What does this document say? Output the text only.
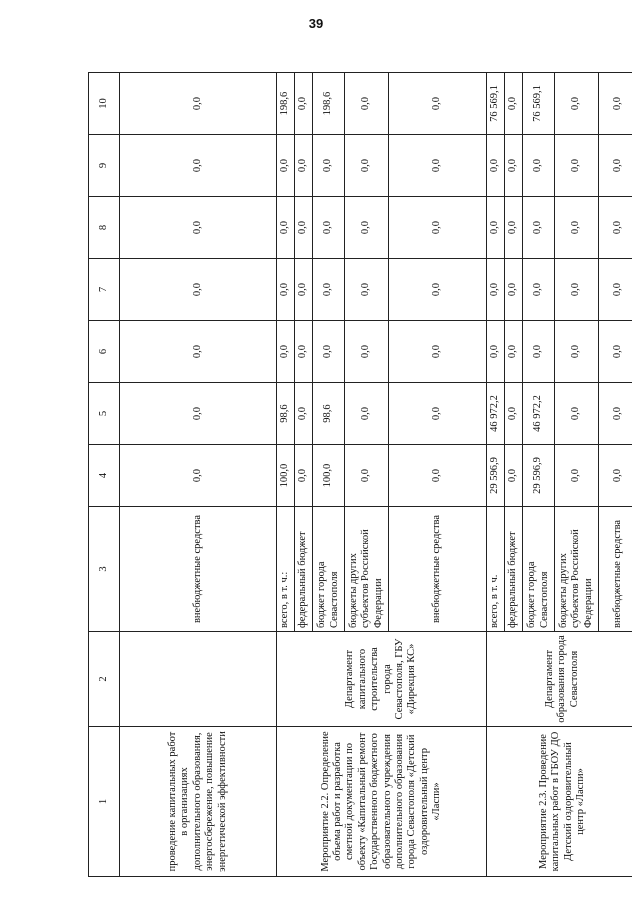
39
1	2	3	4	5	6	7	8	9	10
проведение капитальных работ в организациях дополнительного образования, энергосбережение, повышение энергетической эффективности		внебюджетные средства	0,0	0,0	0,0	0,0	0,0	0,0	0,0
Мероприятие 2.2. Определение объема работ и разработка сметной документации по объекту «Капитальный ремонт Государственного бюджетного образовательного учреждения дополнительного образования города Севастополя «Детский оздоровительный центр «Ласпи»	Департамент капитального строительства города Севастополя, ГБУ «Дирекция КС»	всего, в т. ч.:	100,0	98,6	0,0	0,0	0,0	0,0	198,6
		федеральный бюджет	0,0	0,0	0,0	0,0	0,0	0,0	0,0
		бюджет города Севастополя	100,0	98,6	0,0	0,0	0,0	0,0	198,6
		бюджеты других субъектов Российской Федерации	0,0	0,0	0,0	0,0	0,0	0,0	0,0
		внебюджетные средства	0,0	0,0	0,0	0,0	0,0	0,0	0,0
Мероприятие 2.3. Проведение капитальных работ в ГБОУ ДО Детский оздоровительный центр «Ласпи»	Департамент образования города Севастополя	всего, в т. ч.	29 596,9	46 972,2	0,0	0,0	0,0	0,0	76 569,1
		федеральный бюджет	0,0	0,0	0,0	0,0	0,0	0,0	0,0
		бюджет города Севастополя	29 596,9	46 972,2	0,0	0,0	0,0	0,0	76 569,1
		бюджеты других субъектов Российской Федерации	0,0	0,0	0,0	0,0	0,0	0,0	0,0
		внебюджетные средства	0,0	0,0	0,0	0,0	0,0	0,0	0,0
